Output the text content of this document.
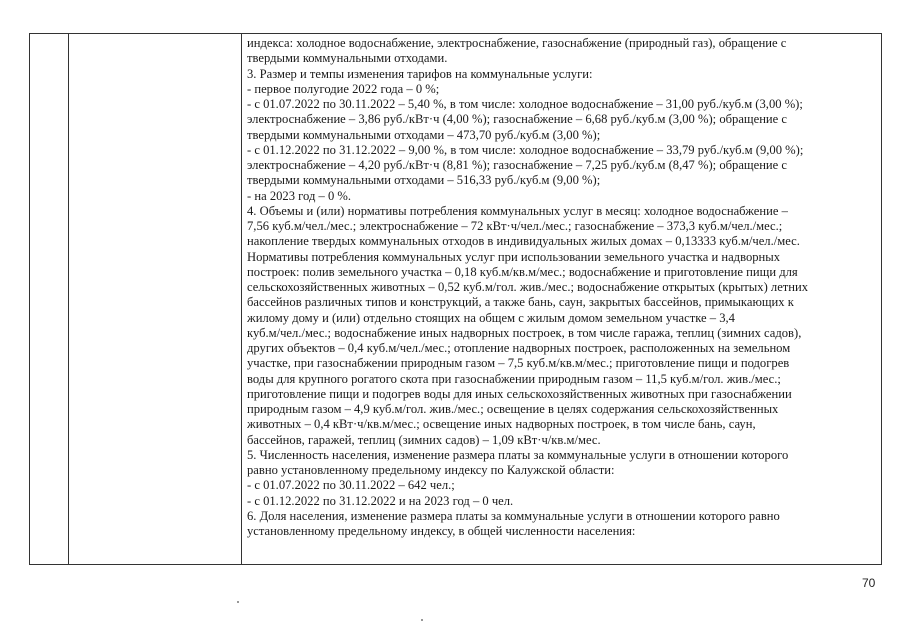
индекса: холодное водоснабжение, электроснабжение, газоснабжение (природный газ), обращение с

твердыми коммунальными отходами.

3. Размер и темпы изменения тарифов на коммунальные услуги:

- первое полугодие 2022 года – 0 %;

- с 01.07.2022 по 30.11.2022 – 5,40 %, в том числе: холодное водоснабжение – 31,00 руб./куб.м (3,00 %);

электроснабжение – 3,86 руб./кВт·ч (4,00 %); газоснабжение – 6,68 руб./куб.м (3,00 %); обращение с

твердыми коммунальными отходами – 473,70 руб./куб.м (3,00 %);

- с 01.12.2022 по 31.12.2022 – 9,00 %, в том числе: холодное водоснабжение – 33,79 руб./куб.м (9,00 %);

электроснабжение – 4,20 руб./кВт·ч (8,81 %); газоснабжение – 7,25 руб./куб.м (8,47 %); обращение с

твердыми коммунальными отходами – 516,33 руб./куб.м (9,00 %);

- на 2023 год – 0 %.

4. Объемы и (или) нормативы потребления коммунальных услуг в месяц: холодное водоснабжение –

7,56 куб.м/чел./мес.; электроснабжение – 72 кВт·ч/чел./мес.; газоснабжение – 373,3 куб.м/чел./мес.;

накопление твердых коммунальных отходов в индивидуальных жилых домах – 0,13333 куб.м/чел./мес.

Нормативы потребления коммунальных услуг при использовании земельного участка и надворных

построек: полив земельного участка – 0,18 куб.м/кв.м/мес.; водоснабжение и приготовление пищи для

сельскохозяйственных животных – 0,52 куб.м/гол. жив./мес.; водоснабжение открытых (крытых) летних

бассейнов различных типов и конструкций, а также бань, саун, закрытых бассейнов, примыкающих к

жилому дому и (или) отдельно стоящих на общем с жилым домом земельном участке – 3,4

куб.м/чел./мес.; водоснабжение иных надворных построек, в том числе гаража, теплиц (зимних садов),

других объектов – 0,4 куб.м/чел./мес.; отопление надворных построек, расположенных на земельном

участке, при газоснабжении природным газом – 7,5 куб.м/кв.м/мес.; приготовление пищи и подогрев

воды для крупного рогатого скота при газоснабжении природным газом – 11,5 куб.м/гол. жив./мес.;

приготовление пищи и подогрев воды для иных сельскохозяйственных животных при газоснабжении

природным газом – 4,9 куб.м/гол. жив./мес.; освещение в целях содержания сельскохозяйственных

животных – 0,4 кВт·ч/кв.м/мес.; освещение иных надворных построек, в том числе бань, саун,

бассейнов, гаражей, теплиц (зимних садов) – 1,09 кВт·ч/кв.м/мес.

5. Численность населения, изменение размера платы за коммунальные услуги в отношении которого

равно установленному предельному индексу по Калужской области:

- с 01.07.2022 по 30.11.2022 – 642 чел.;

- с 01.12.2022 по 31.12.2022 и на 2023 год – 0 чел.

6. Доля населения, изменение размера платы за коммунальные услуги в отношении которого равно

установленному предельному индексу, в общей численности населения:

70
